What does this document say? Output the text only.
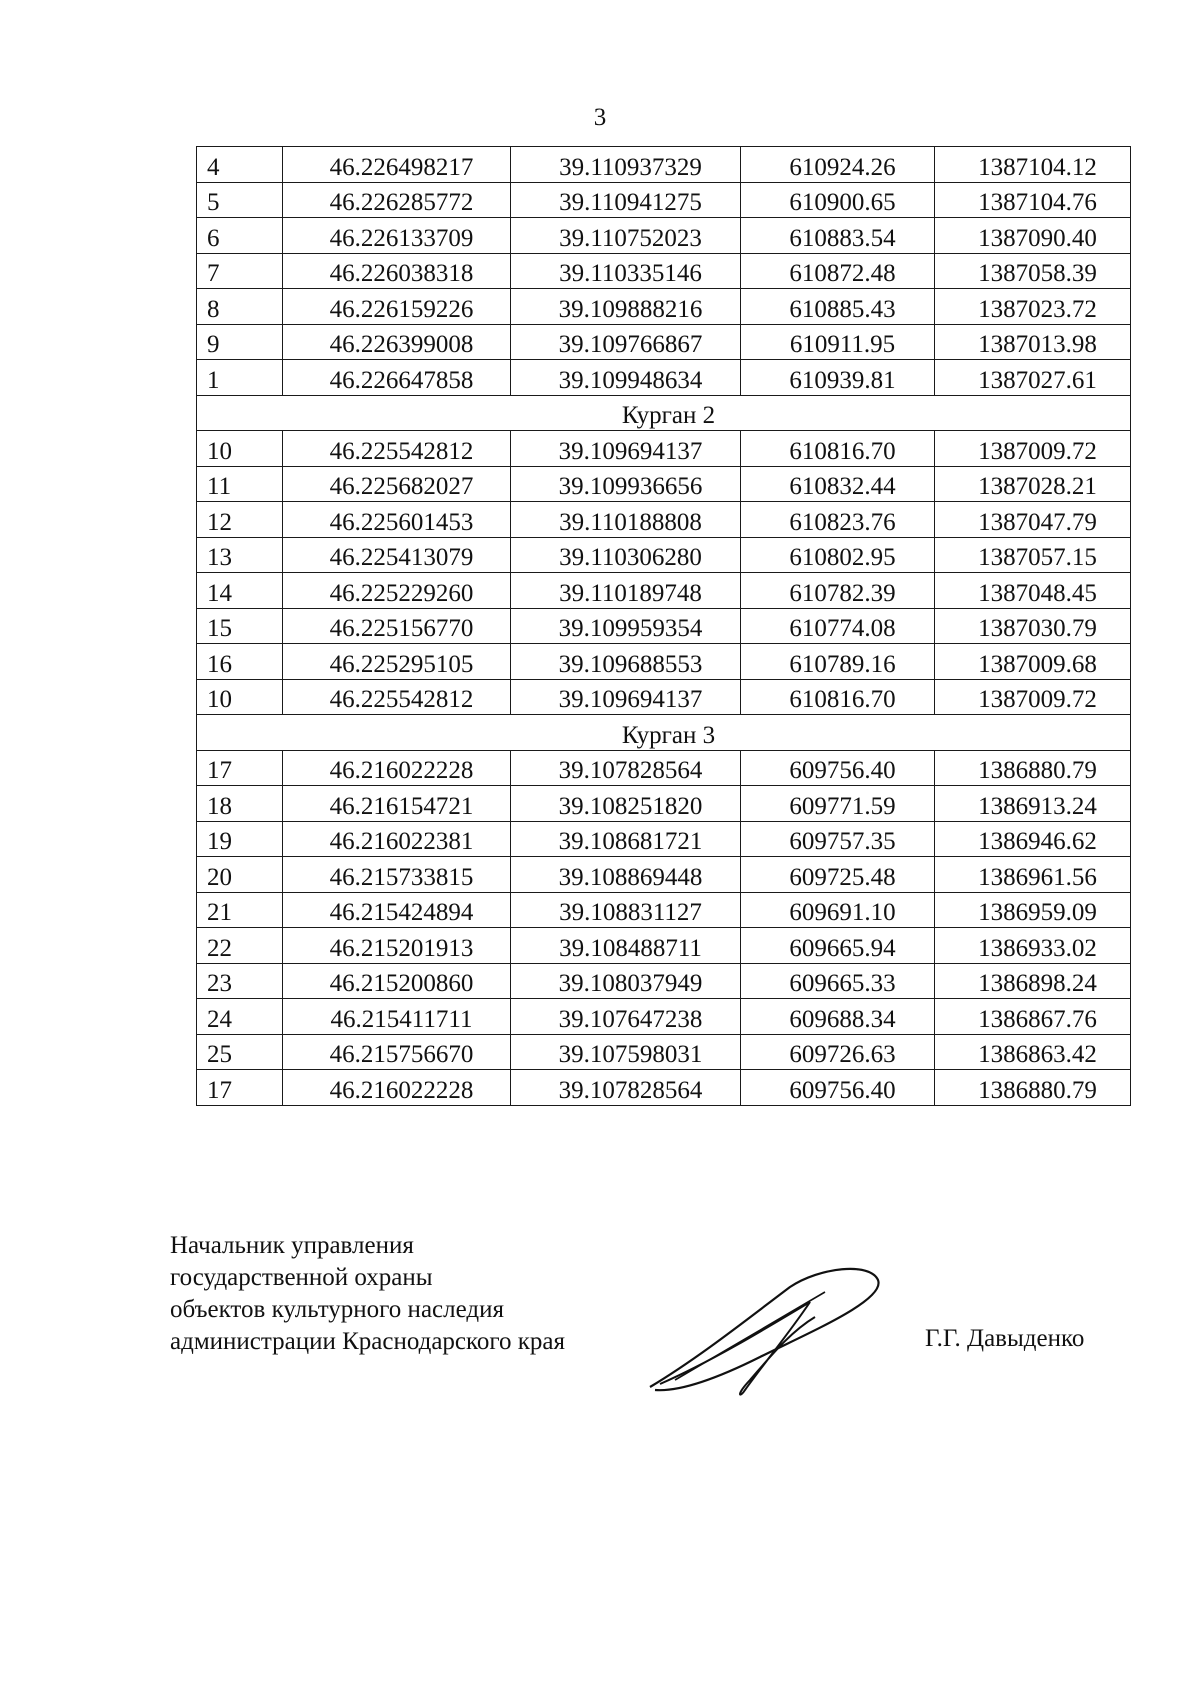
3
4	46.226498217	39.110937329	610924.26	1387104.12
5	46.226285772	39.110941275	610900.65	1387104.76
6	46.226133709	39.110752023	610883.54	1387090.40
7	46.226038318	39.110335146	610872.48	1387058.39
8	46.226159226	39.109888216	610885.43	1387023.72
9	46.226399008	39.109766867	610911.95	1387013.98
1	46.226647858	39.109948634	610939.81	1387027.61
Курган 2				
10	46.225542812	39.109694137	610816.70	1387009.72
11	46.225682027	39.109936656	610832.44	1387028.21
12	46.225601453	39.110188808	610823.76	1387047.79
13	46.225413079	39.110306280	610802.95	1387057.15
14	46.225229260	39.110189748	610782.39	1387048.45
15	46.225156770	39.109959354	610774.08	1387030.79
16	46.225295105	39.109688553	610789.16	1387009.68
10	46.225542812	39.109694137	610816.70	1387009.72
Курган 3				
17	46.216022228	39.107828564	609756.40	1386880.79
18	46.216154721	39.108251820	609771.59	1386913.24
19	46.216022381	39.108681721	609757.35	1386946.62
20	46.215733815	39.108869448	609725.48	1386961.56
21	46.215424894	39.108831127	609691.10	1386959.09
22	46.215201913	39.108488711	609665.94	1386933.02
23	46.215200860	39.108037949	609665.33	1386898.24
24	46.215411711	39.107647238	609688.34	1386867.76
25	46.215756670	39.107598031	609726.63	1386863.42
17	46.216022228	39.107828564	609756.40	1386880.79
Начальник управления
государственной охраны
объектов культурного наследия
администрации Краснодарского края	Г.Г. Давыденко
